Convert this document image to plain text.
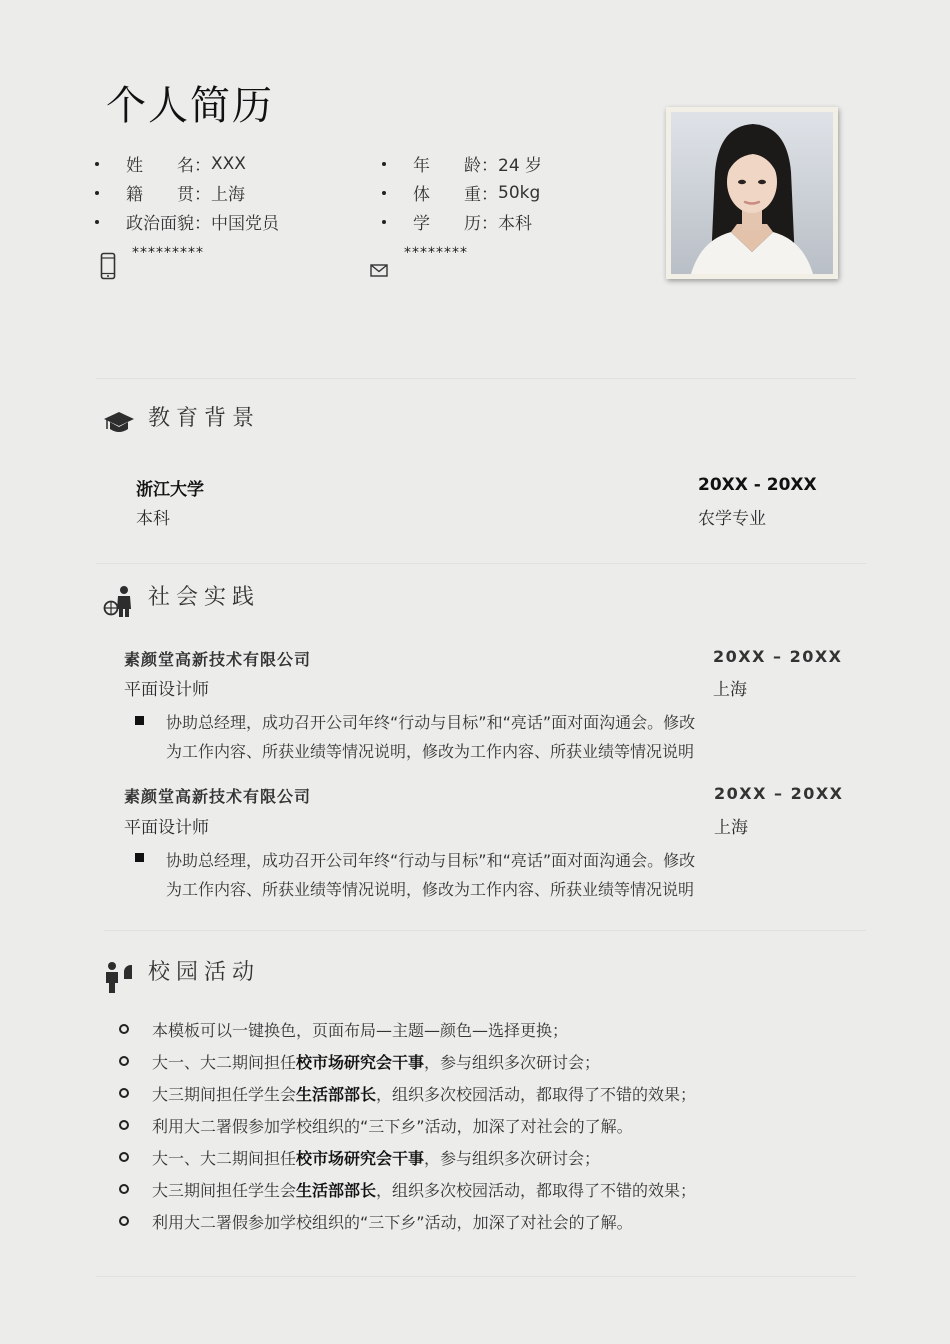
个人简历
姓　　名： XXX
籍　　贯： 上海
政治面貌： 中国党员
年　　龄： 24 岁
体　　重： 50kg
学　　历： 本科
*********	********
教育背景
浙江大学
本科
20XX - 20XX
农学专业
社会实践
素颜堂高新技术有限公司
平面设计师
20XX – 20XX
上海
协助总经理，成功召开公司年终“行动与目标”和“亮话”面对面沟通会。修改
为工作内容、所获业绩等情况说明，修改为工作内容、所获业绩等情况说明
素颜堂高新技术有限公司
平面设计师
20XX – 20XX
上海
协助总经理，成功召开公司年终“行动与目标”和“亮话”面对面沟通会。修改
为工作内容、所获业绩等情况说明，修改为工作内容、所获业绩等情况说明
校园活动
本模板可以一键换色，页面布局—主题—颜色—选择更换；
大一、大二期间担任校市场研究会干事，参与组织多次研讨会；
大三期间担任学生会生活部部长，组织多次校园活动，都取得了不错的效果；
利用大二署假参加学校组织的“三下乡”活动，加深了对社会的了解。
大一、大二期间担任校市场研究会干事，参与组织多次研讨会；
大三期间担任学生会生活部部长，组织多次校园活动，都取得了不错的效果；
利用大二署假参加学校组织的“三下乡”活动，加深了对社会的了解。
